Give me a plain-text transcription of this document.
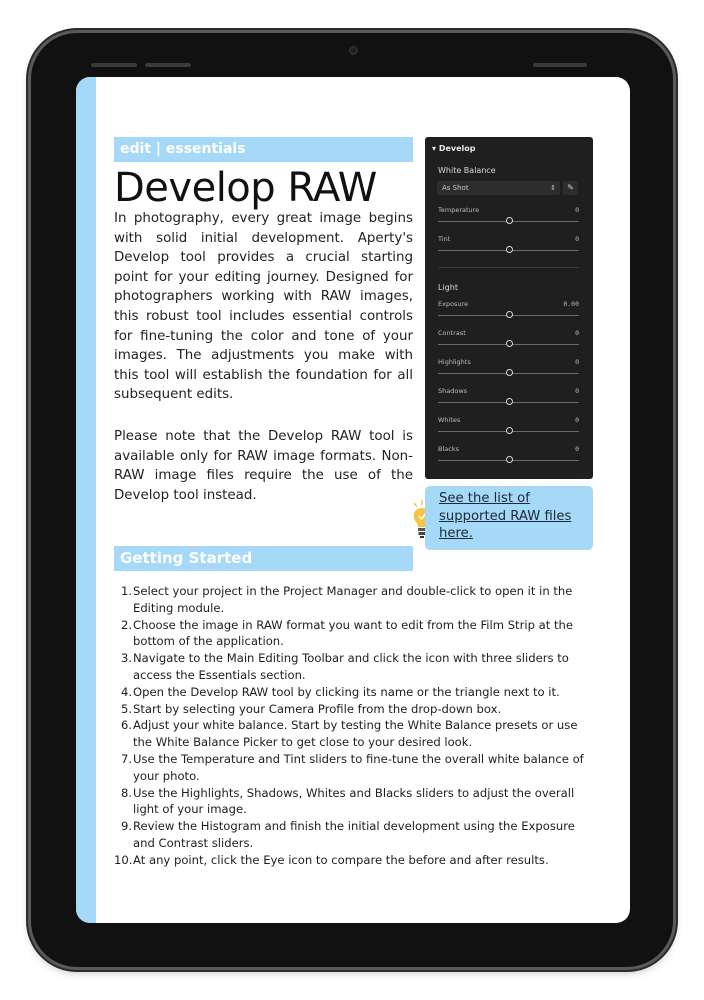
edit | essentials
Develop RAW

In photography, every great image begins with solid initial development. Aperty's Develop tool provides a crucial starting point for your editing journey. Designed for photographers working with RAW images, this robust tool includes essential controls for fine-tuning the color and tone of your images. The adjustments you make with this tool will establish the foundation for all subsequent edits.

Please note that the Develop RAW tool is available only for RAW image formats. Non-RAW image files require the use of the Develop tool instead.

▾ Develop
White Balance
As Shot	⇕	✎
Temperature	0
Tint	0
Light
Exposure	0.00
Contrast	0
Highlights	0
Shadows	0
Whites	0
Blacks	0
See the list of supported RAW files here.
Getting Started
1. Select your project in the Project Manager and double-click to open it in the Editing module.
2. Choose the image in RAW format you want to edit from the Film Strip at the bottom of the application.
3. Navigate to the Main Editing Toolbar and click the icon with three sliders to access the Essentials section.
4. Open the Develop RAW tool by clicking its name or the triangle next to it.
5. Start by selecting your Camera Profile from the drop-down box.
6. Adjust your white balance. Start by testing the White Balance presets or use the White Balance Picker to get close to your desired look.
7. Use the Temperature and Tint sliders to fine-tune the overall white balance of your photo.
8. Use the Highlights, Shadows, Whites and Blacks sliders to adjust the overall light of your image.
9. Review the Histogram and finish the initial development using the Exposure and Contrast sliders.
10. At any point, click the Eye icon to compare the before and after results.
